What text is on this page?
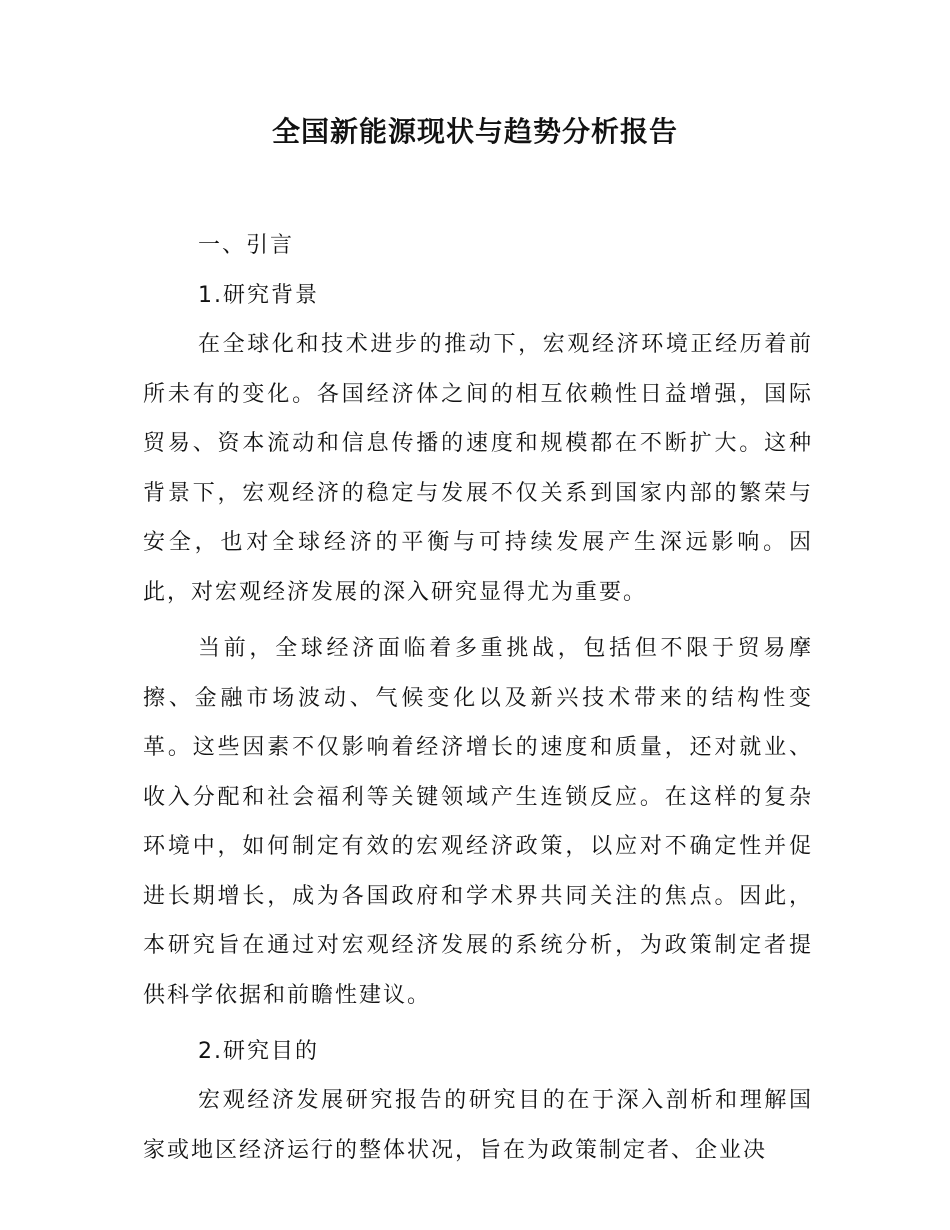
全国新能源现状与趋势分析报告
一、引言
1.研究背景

在全球化和技术进步的推动下，宏观经济环境正经历着前所未有的变化。各国经济体之间的相互依赖性日益增强，国际贸易、资本流动和信息传播的速度和规模都在不断扩大。这种背景下，宏观经济的稳定与发展不仅关系到国家内部的繁荣与安全，也对全球经济的平衡与可持续发展产生深远影响。因此，对宏观经济发展的深入研究显得尤为重要。

当前，全球经济面临着多重挑战，包括但不限于贸易摩擦、金融市场波动、气候变化以及新兴技术带来的结构性变革。这些因素不仅影响着经济增长的速度和质量，还对就业、收入分配和社会福利等关键领域产生连锁反应。在这样的复杂环境中，如何制定有效的宏观经济政策，以应对不确定性并促进长期增长，成为各国政府和学术界共同关注的焦点。因此，本研究旨在通过对宏观经济发展的系统分析，为政策制定者提供科学依据和前瞻性建议。

2.研究目的

宏观经济发展研究报告的研究目的在于深入剖析和理解国家或地区经济运行的整体状况，旨在为政策制定者、企业决
